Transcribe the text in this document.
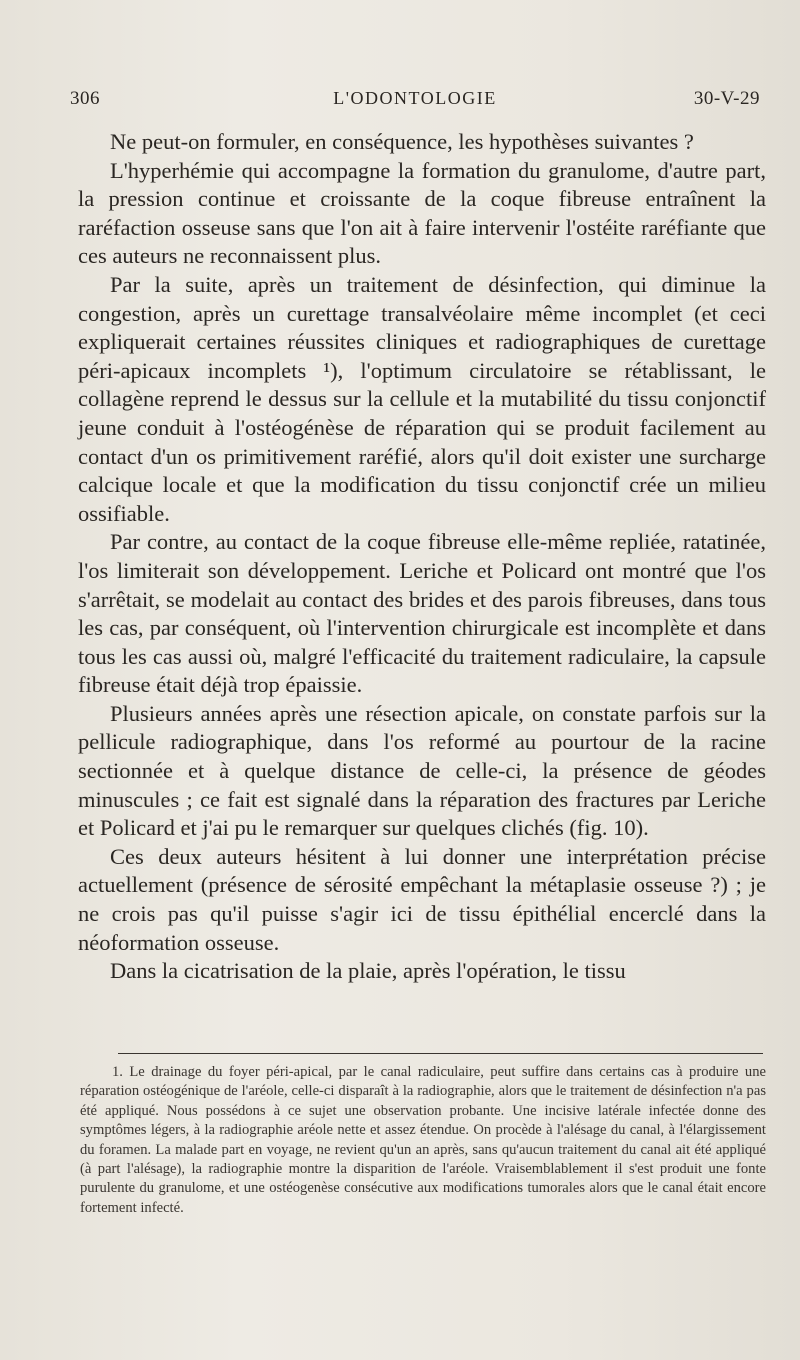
306	L'ODONTOLOGIE	30-V-29

Ne peut-on formuler, en conséquence, les hypothèses suivantes ?

L'hyperhémie qui accompagne la formation du granulome, d'autre part, la pression continue et croissante de la coque fibreuse entraînent la raréfaction osseuse sans que l'on ait à faire intervenir l'ostéite raréfiante que ces auteurs ne reconnaissent plus.

Par la suite, après un traitement de désinfection, qui diminue la congestion, après un curettage transalvéolaire même incomplet (et ceci expliquerait certaines réussites cliniques et radiographiques de curettage péri-apicaux incomplets ¹), l'optimum circulatoire se rétablissant, le collagène reprend le dessus sur la cellule et la mutabilité du tissu conjonctif jeune conduit à l'ostéogénèse de réparation qui se produit facilement au contact d'un os primitivement raréfié, alors qu'il doit exister une surcharge calcique locale et que la modification du tissu conjonctif crée un milieu ossifiable.

Par contre, au contact de la coque fibreuse elle-même repliée, ratatinée, l'os limiterait son développement. Leriche et Policard ont montré que l'os s'arrêtait, se modelait au contact des brides et des parois fibreuses, dans tous les cas, par conséquent, où l'intervention chirurgicale est incomplète et dans tous les cas aussi où, malgré l'efficacité du traitement radiculaire, la capsule fibreuse était déjà trop épaissie.

Plusieurs années après une résection apicale, on constate parfois sur la pellicule radiographique, dans l'os reformé au pourtour de la racine sectionnée et à quelque distance de celle-ci, la présence de géodes minuscules ; ce fait est signalé dans la réparation des fractures par Leriche et Policard et j'ai pu le remarquer sur quelques clichés (fig. 10).

Ces deux auteurs hésitent à lui donner une interprétation précise actuellement (présence de sérosité empêchant la métaplasie osseuse ?) ; je ne crois pas qu'il puisse s'agir ici de tissu épithélial encerclé dans la néoformation osseuse.

Dans la cicatrisation de la plaie, après l'opération, le tissu

1. Le drainage du foyer péri-apical, par le canal radiculaire, peut suffire dans certains cas à produire une réparation ostéogénique de l'aréole, celle-ci disparaît à la radiographie, alors que le traitement de désinfection n'a pas été appliqué. Nous possédons à ce sujet une observation probante. Une incisive latérale infectée donne des symptômes légers, à la radiographie aréole nette et assez étendue. On procède à l'alésage du canal, à l'élargissement du foramen. La malade part en voyage, ne revient qu'un an après, sans qu'aucun traitement du canal ait été appliqué (à part l'alésage), la radiographie montre la disparition de l'aréole. Vraisemblablement il s'est produit une fonte purulente du granulome, et une ostéogenèse consécutive aux modifications tumorales alors que le canal était encore fortement infecté.
